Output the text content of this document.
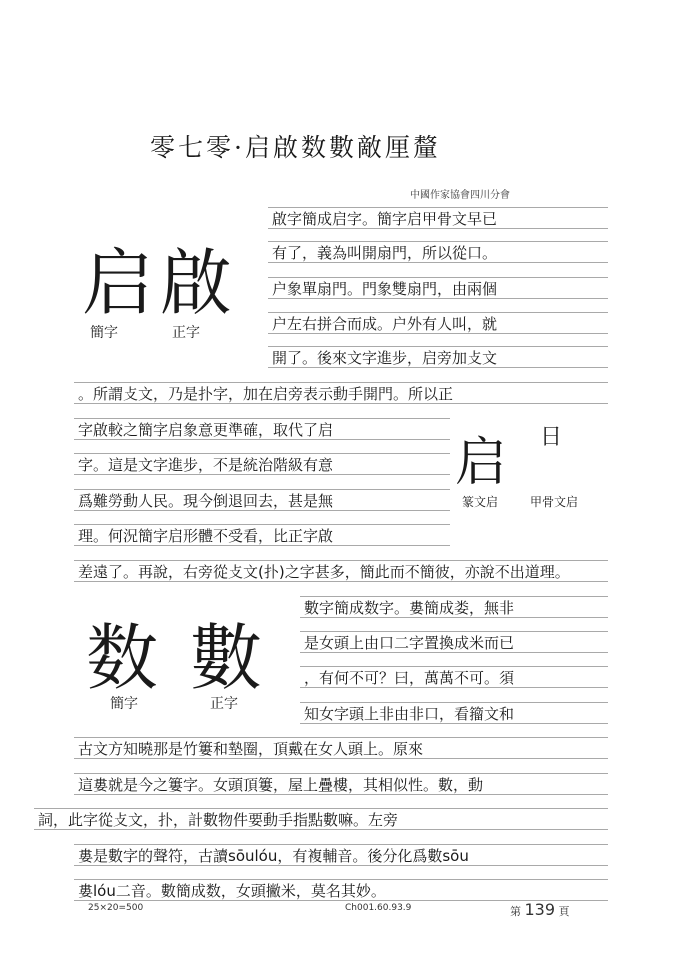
零七零·启啟数數敵厘釐
中國作家協會四川分會
启 啟
簡字	正字
啟字簡成启字。簡字启甲骨文早已
有了，義為叫開扇門，所以從口。
户象單扇門。門象雙扇門，由兩個
户左右拼合而成。户外有人叫，就
開了。後來文字進步，启旁加攴文
。所謂攴文，乃是扑字，加在启旁表示動手開門。所以正
启 日
篆文启	甲骨文启
字啟較之簡字启象意更準確，取代了启
字。這是文字進步，不是統治階級有意
爲難勞動人民。現今倒退回去，甚是無
理。何況簡字启形體不受看，比正字啟
差遠了。再說，右旁從攴文(扑)之字甚多，簡此而不簡彼，亦說不出道理。
数 數
簡字	正字
數字簡成数字。婁簡成娄，無非
是女頭上由口二字置換成米而已
，有何不可？曰，萬萬不可。須
知女字頭上非由非口，看籀文和
古文方知曉那是竹簍和墊圈，頂戴在女人頭上。原來
這婁就是今之簍字。女頭頂簍，屋上疊樓，其相似性。數，動
詞，此字從攴文，扑，計數物件要動手指點數嘛。左旁
婁是數字的聲符，古讀sōulóu，有複輔音。後分化爲數sōu
婁lóu二音。數簡成数，女頭撇米，莫名其妙。
25×20=500	Ch001.60.93.9	第 139 頁
